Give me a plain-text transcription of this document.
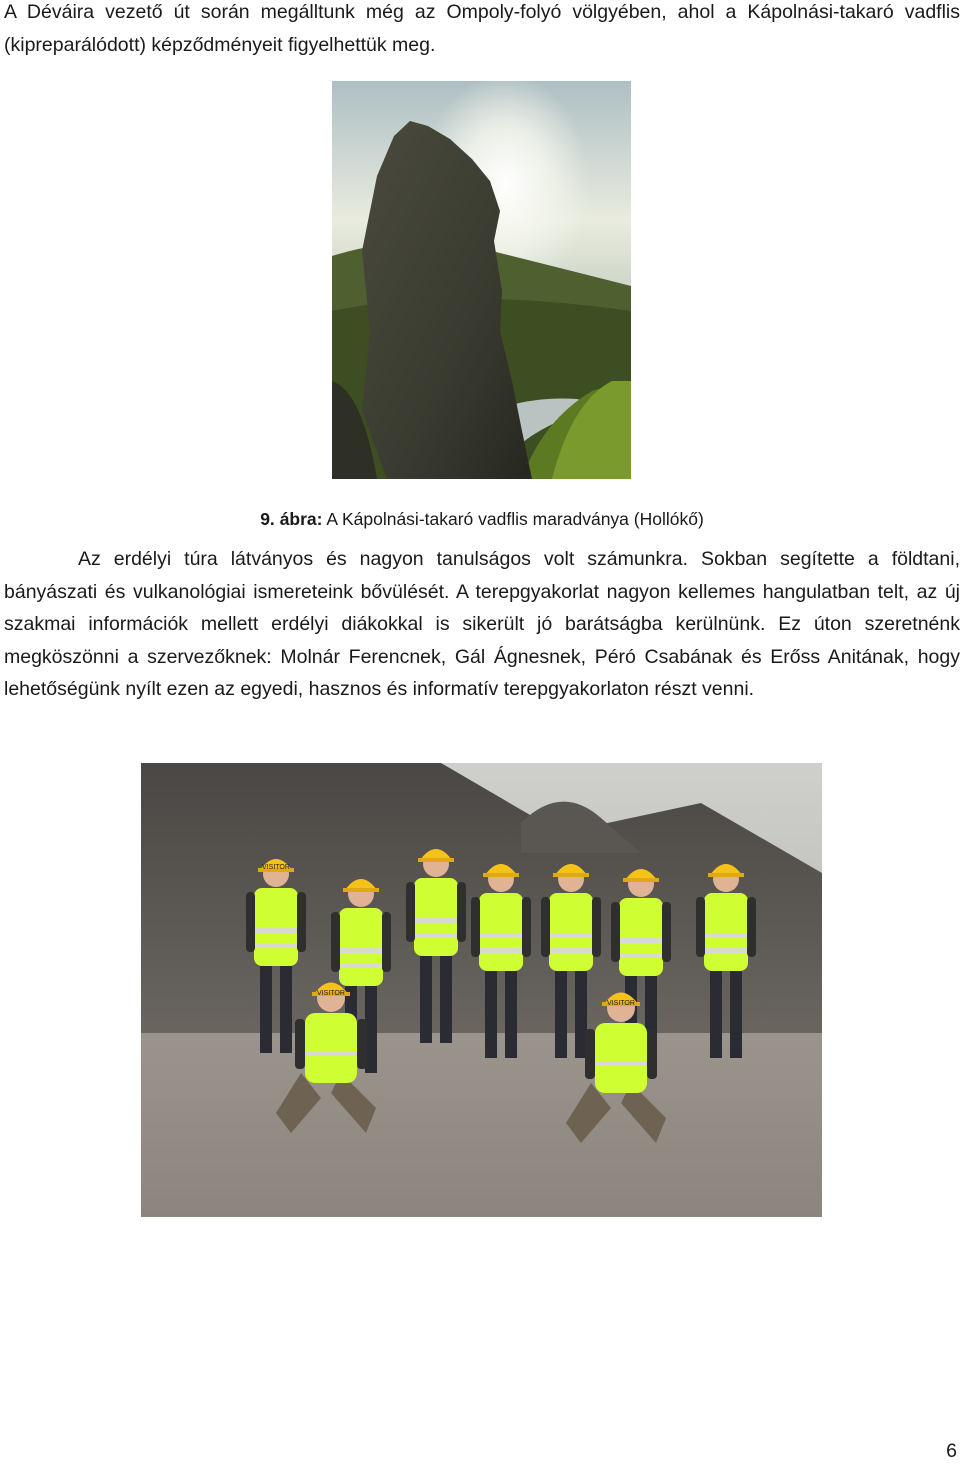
A Déváira vezető út során megálltunk még az Ompoly-folyó völgyében, ahol a Kápolnási-takaró vadflis (kipreparálódott) képződményeit figyelhettük meg.

9. ábra: A Kápolnási-takaró vadflis maradványa (Hollókő)

Az erdélyi túra látványos és nagyon tanulságos volt számunkra. Sokban segítette a földtani, bányászati és vulkanológiai ismereteink bővülését. A terepgyakorlat nagyon kellemes hangulatban telt, az új szakmai információk mellett erdélyi diákokkal is sikerült jó barátságba kerülnünk. Ez úton szeretnénk megköszönni a szervezőknek: Molnár Ferencnek, Gál Ágnesnek, Péró Csabának és Erőss Anitának, hogy lehetőségünk nyílt ezen az egyedi, hasznos és informatív terepgyakorlaton részt venni.

VISITOR
VISITOR
VISITOR

6
